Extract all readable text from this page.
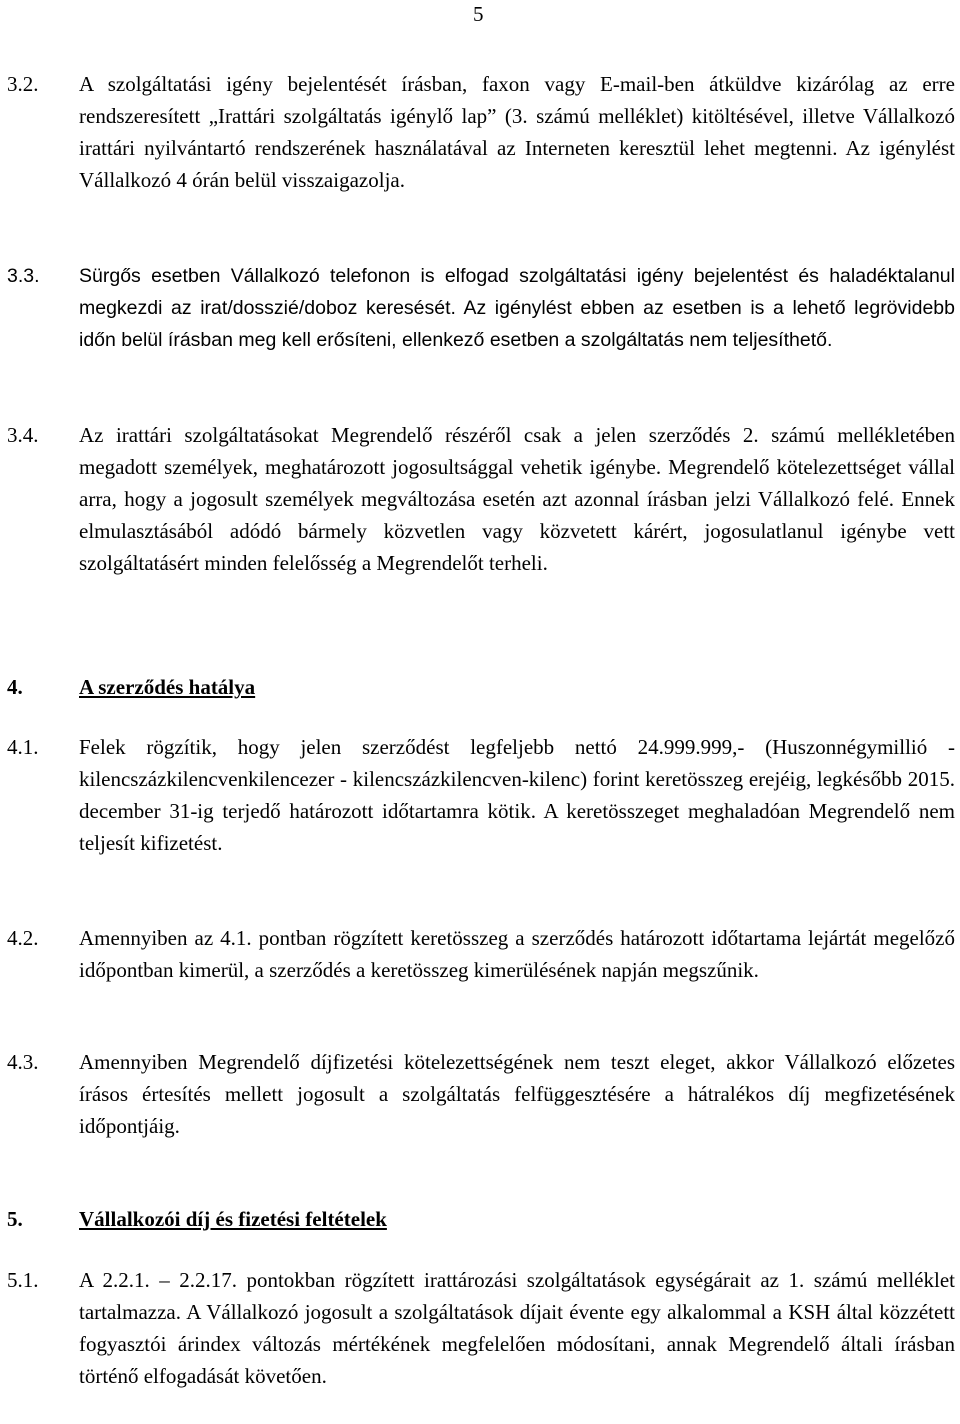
5
3.2. A szolgáltatási igény bejelentését írásban, faxon vagy E-mail-ben átküldve kizárólag az erre rendszeresített „Irattári szolgáltatás igénylő lap” (3. számú melléklet) kitöltésével, illetve Vállalkozó irattári nyilvántartó rendszerének használatával az Interneten keresztül lehet megtenni. Az igénylést Vállalkozó 4 órán belül visszaigazolja.
3.3. Sürgős esetben Vállalkozó telefonon is elfogad szolgáltatási igény bejelentést és haladéktalanul megkezdi az irat/dosszié/doboz keresését. Az igénylést ebben az esetben is a lehető legrövidebb időn belül írásban meg kell erősíteni, ellenkező esetben a szolgáltatás nem teljesíthető.
3.4. Az irattári szolgáltatásokat Megrendelő részéről csak a jelen szerződés 2. számú mellékletében megadott személyek, meghatározott jogosultsággal vehetik igénybe. Megrendelő kötelezettséget vállal arra, hogy a jogosult személyek megváltozása esetén azt azonnal írásban jelzi Vállalkozó felé. Ennek elmulasztásából adódó bármely közvetlen vagy közvetett kárért, jogosulatlanul igénybe vett szolgáltatásért minden felelősség a Megrendelőt terheli.
4.	A szerződés hatálya
4.1. Felek rögzítik, hogy jelen szerződést legfeljebb nettó 24.999.999,- (Huszonnégymillió - kilencszázkilencvenkilencezer - kilencszázkilencven-kilenc) forint keretösszeg erejéig, legkésőbb 2015. december 31-ig terjedő határozott időtartamra kötik. A keretösszeget meghaladóan Megrendelő nem teljesít kifizetést.
4.2. Amennyiben az 4.1. pontban rögzített keretösszeg a szerződés határozott időtartama lejártát megelőző időpontban kimerül, a szerződés a keretösszeg kimerülésének napján megszűnik.
4.3. Amennyiben Megrendelő díjfizetési kötelezettségének nem teszt eleget, akkor Vállalkozó előzetes írásos értesítés mellett jogosult a szolgáltatás felfüggesztésére a hátralékos díj megfizetésének időpontjáig.
5.	Vállalkozói díj és fizetési feltételek
5.1. A 2.2.1. – 2.2.17. pontokban rögzített irattározási szolgáltatások egységárait az 1. számú melléklet tartalmazza. A Vállalkozó jogosult a szolgáltatások díjait évente egy alkalommal a KSH által közzétett fogyasztói árindex változás mértékének megfelelően módosítani, annak Megrendelő általi írásban történő elfogadását követően.
